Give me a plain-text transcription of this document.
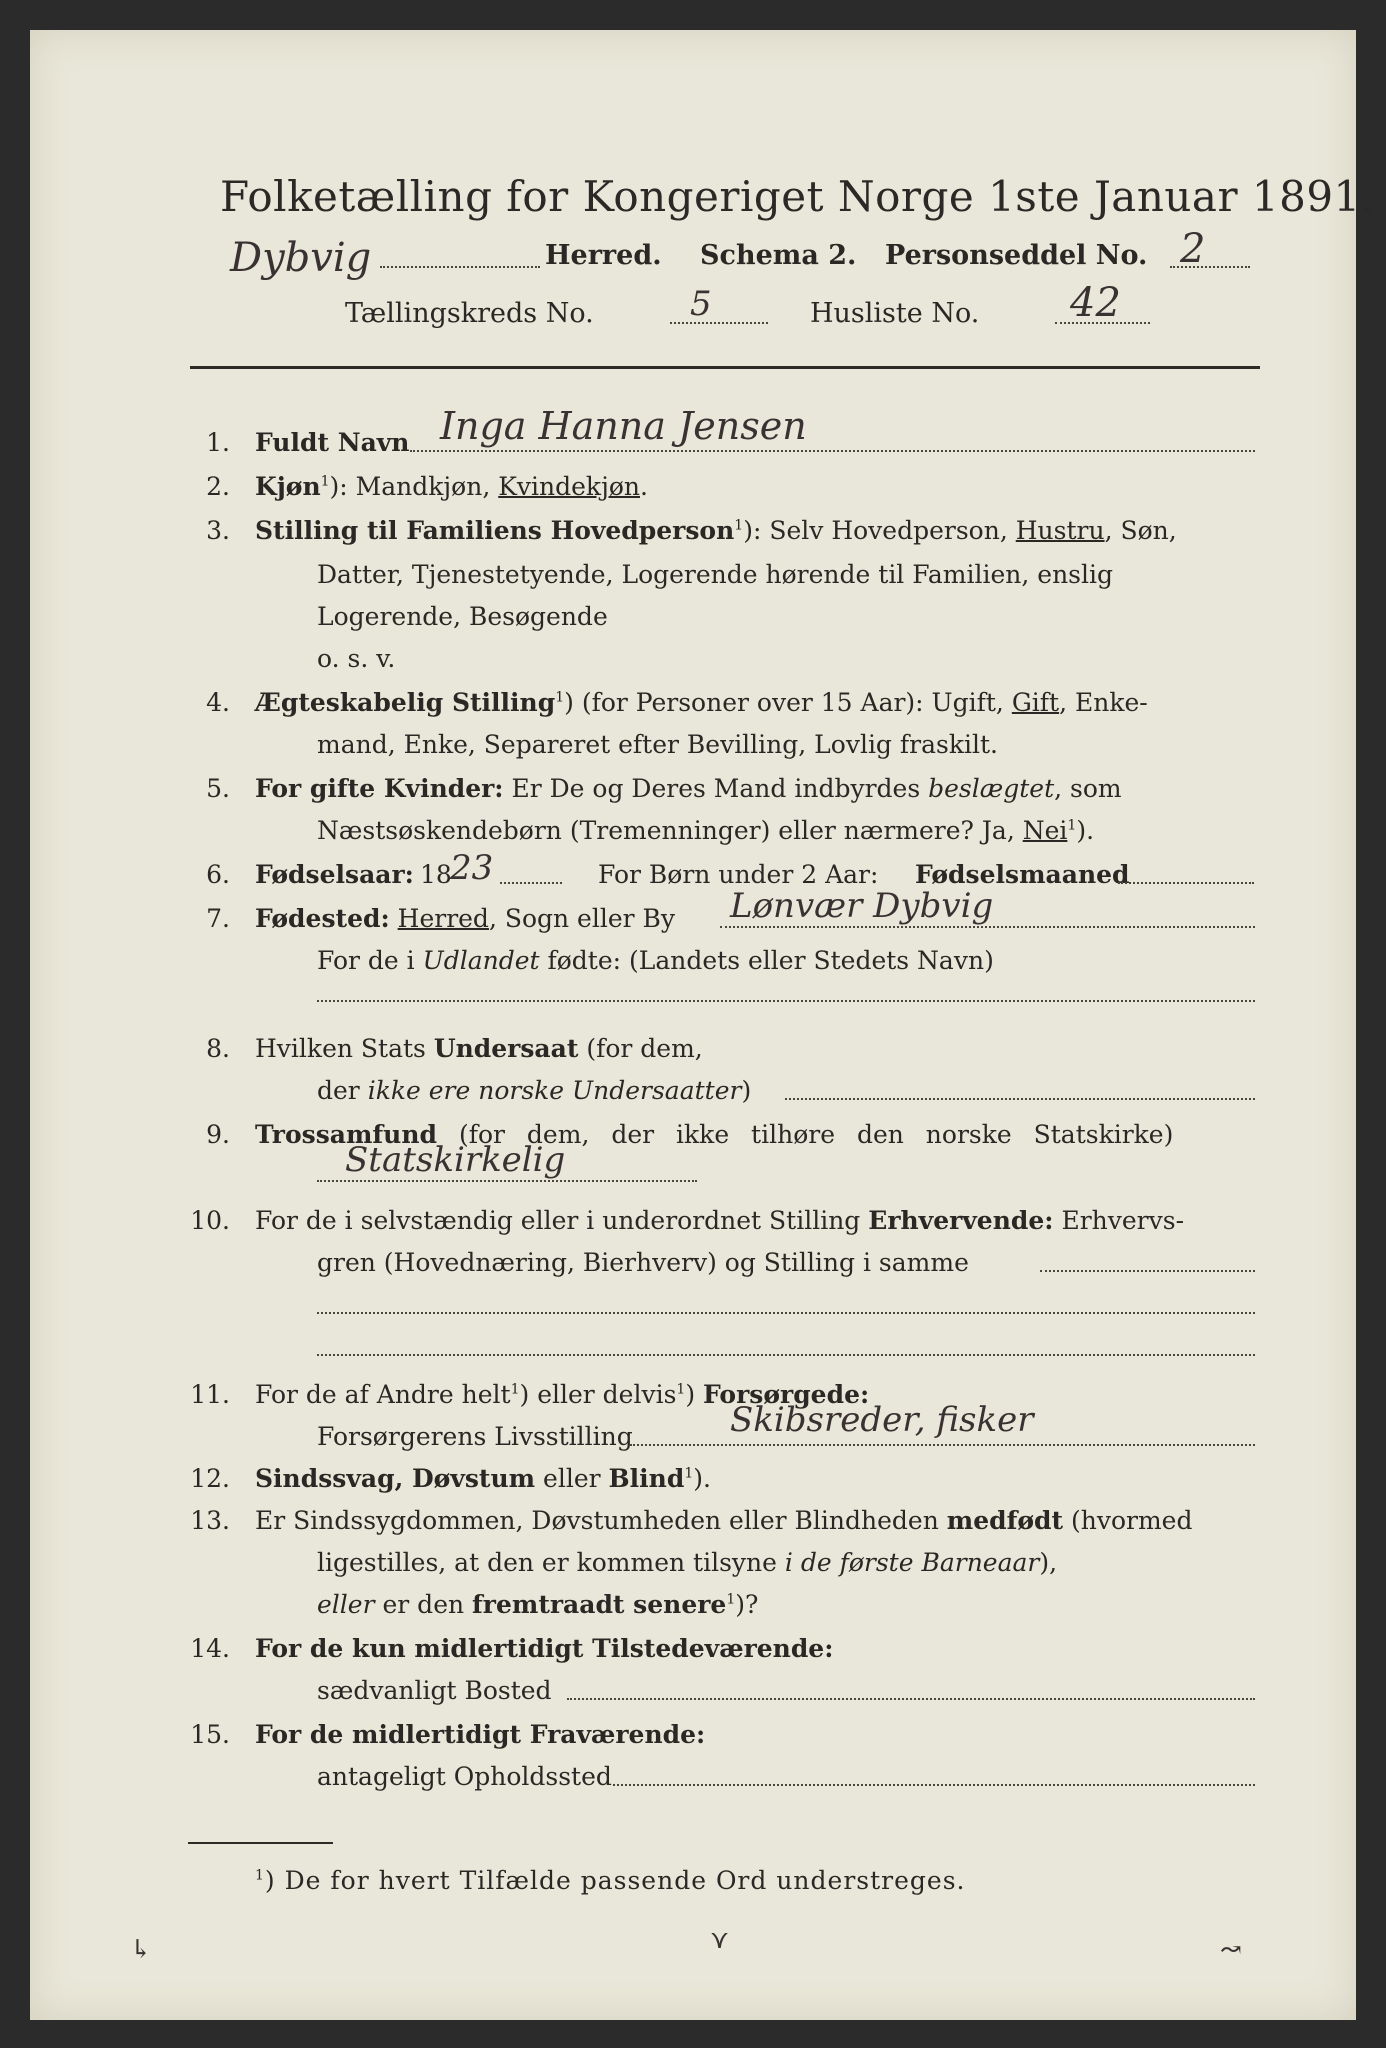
Folketælling for Kongeriget Norge 1ste Januar 1891.
Dybvig	Herred. Schema 2. Personseddel No. 2
Tællingskreds No.	5	Husliste No. 42
1. Fuldt Navn Inga Hanna Jensen
2. Kjøn$^1$): Mandkjøn, Kvindekjøn.
3. Stilling til Familiens Hovedperson$^1$): Selv Hovedperson, Hustru, Søn,
Datter, Tjenestetyende, Logerende hørende til Familien, enslig
Logerende, Besøgende
o. s. v.
4. Ægteskabelig Stilling$^1$) (for Personer over 15 Aar): Ugift, Gift, Enke-
mand, Enke, Separeret efter Bevilling, Lovlig fraskilt.
5. For gifte Kvinder: Er De og Deres Mand indbyrdes beslægtet, som
Næstsøskendebørn (Tremenninger) eller nærmere? Ja, Nei$^1$).
6. Fødselsaar: 18
23	For Børn under 2 Aar: Fødselsmaaned
7. Fødested: Herred, Sogn eller By Lønvær Dybvig
For de i Udlandet fødte: (Landets eller Stedets Navn)
8. Hvilken Stats Undersaat (for dem,
der ikke ere norske Undersaatter)
9. Trossamfund (for dem, der ikke tilhøre den norske Statskirke)
Statskirkelig
10. For de i selvstændig eller i underordnet Stilling Erhvervende: Erhvervs-
gren (Hovednæring, Bierhverv) og Stilling i samme
11. For de af Andre helt$^1$) eller delvis$^1$) Forsørgede:
Forsørgerens Livsstilling	Skibsreder, fisker
12. Sindssvag, Døvstum eller Blind$^1$).
13. Er Sindssygdommen, Døvstumheden eller Blindheden medfødt (hvormed
ligestilles, at den er kommen tilsyne i de første Barneaar),
eller er den fremtraadt senere$^1$)?
14. For de kun midlertidigt Tilstedeværende:
sædvanligt Bosted
15. For de midlertidigt Fraværende:
antageligt Opholdssted
$^1$) De for hvert Tilfælde passende Ord understreges.
↳	⋎	↝
